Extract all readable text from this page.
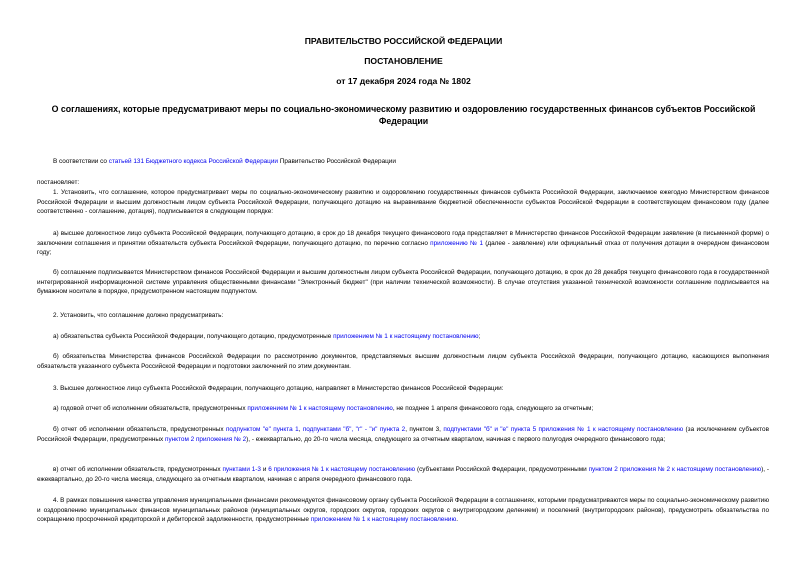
ПРАВИТЕЛЬСТВО РОССИЙСКОЙ ФЕДЕРАЦИИ
ПОСТАНОВЛЕНИЕ
от 17 декабря 2024 года № 1802
О соглашениях, которые предусматривают меры по социально-экономическому развитию и оздоровлению государственных финансов субъектов Российской Федерации

В соответствии со статьей 131 Бюджетного кодекса Российской Федерации Правительство Российской Федерации

постановляет:

1. Установить, что соглашение, которое предусматривает меры по социально-экономическому развитию и оздоровлению государственных финансов субъекта Российской Федерации, заключаемое ежегодно Министерством финансов Российской Федерации и высшим должностным лицом субъекта Российской Федерации, получающего дотацию на выравнивание бюджетной обеспеченности субъектов Российской Федерации в соответствующем финансовом году (далее соответственно - соглашение, дотация), подписывается в следующем порядке:

а) высшее должностное лицо субъекта Российской Федерации, получающего дотацию, в срок до 18 декабря текущего финансового года представляет в Министерство финансов Российской Федерации заявление (в письменной форме) о заключении соглашения и принятии обязательств субъекта Российской Федерации, получающего дотацию, по перечню согласно приложению № 1 (далее - заявление) или официальный отказ от получения дотации в очередном финансовом году;

б) соглашение подписывается Министерством финансов Российской Федерации и высшим должностным лицом субъекта Российской Федерации, получающего дотацию, в срок до 28 декабря текущего финансового года в государственной интегрированной информационной системе управления общественными финансами "Электронный бюджет" (при наличии технической возможности). В случае отсутствия указанной технической возможности соглашение подписывается на бумажном носителе в порядке, предусмотренном настоящим подпунктом.

2. Установить, что соглашение должно предусматривать:

а) обязательства субъекта Российской Федерации, получающего дотацию, предусмотренные приложением № 1 к настоящему постановлению;

б) обязательства Министерства финансов Российской Федерации по рассмотрению документов, представляемых высшим должностным лицом субъекта Российской Федерации, получающего дотацию, касающихся выполнения обязательств указанного субъекта Российской Федерации и подготовки заключений по этим документам.

3. Высшее должностное лицо субъекта Российской Федерации, получающего дотацию, направляет в Министерство финансов Российской Федерации:

а) годовой отчет об исполнении обязательств, предусмотренных приложением № 1 к настоящему постановлению, не позднее 1 апреля финансового года, следующего за отчетным;

б) отчет об исполнении обязательств, предусмотренных подпунктом "е" пункта 1, подпунктами "б", "г" - "и" пункта 2, пунктом 3, подпунктами "б" и "е" пункта 5 приложения № 1 к настоящему постановлению (за исключением субъектов Российской Федерации, предусмотренных пунктом 2 приложения № 2), - ежеквартально, до 20-го числа месяца, следующего за отчетным кварталом, начиная с первого полугодия очередного финансового года;

в) отчет об исполнении обязательств, предусмотренных пунктами 1-3 и 6 приложения № 1 к настоящему постановлению (субъектами Российской Федерации, предусмотренными пунктом 2 приложения № 2 к настоящему постановлению), - ежеквартально, до 20-го числа месяца, следующего за отчетным кварталом, начиная с апреля очередного финансового года.

4. В рамках повышения качества управления муниципальными финансами рекомендуется финансовому органу субъекта Российской Федерации в соглашениях, которыми предусматриваются меры по социально-экономическому развитию и оздоровлению муниципальных финансов муниципальных районов (муниципальных округов, городских округов, городских округов с внутригородским делением) и поселений (внутригородских районов), предусмотреть обязательства по сокращению просроченной кредиторской и дебиторской задолженности, предусмотренные приложением № 1 к настоящему постановлению.
